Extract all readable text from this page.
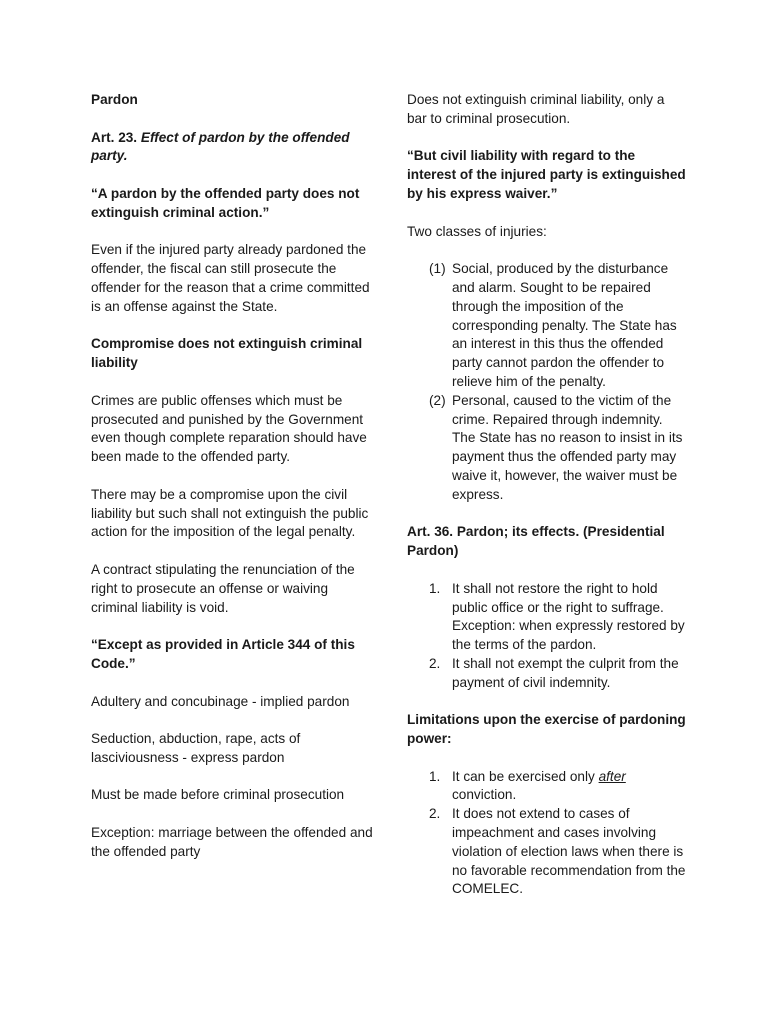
Pardon

Art. 23. Effect of pardon by the offended party.

“A pardon by the offended party does not extinguish criminal action.”

Even if the injured party already pardoned the offender, the fiscal can still prosecute the offender for the reason that a crime committed is an offense against the State.

Compromise does not extinguish criminal liability

Crimes are public offenses which must be prosecuted and punished by the Government even though complete reparation should have been made to the offended party.

There may be a compromise upon the civil liability but such shall not extinguish the public action for the imposition of the legal penalty.

A contract stipulating the renunciation of the right to prosecute an offense or waiving criminal liability is void.

“Except as provided in Article 344 of this Code.”

Adultery and concubinage - implied pardon

Seduction, abduction, rape, acts of lasciviousness - express pardon

Must be made before criminal prosecution

Exception: marriage between the offended and the offended party

Does not extinguish criminal liability, only a bar to criminal prosecution.

“But civil liability with regard to the interest of the injured party is extinguished by his express waiver.”

Two classes of injuries:

(1) Social, produced by the disturbance and alarm. Sought to be repaired through the imposition of the corresponding penalty. The State has an interest in this thus the offended party cannot pardon the offender to relieve him of the penalty.
(2) Personal, caused to the victim of the crime. Repaired through indemnity. The State has no reason to insist in its payment thus the offended party may waive it, however, the waiver must be express.

Art. 36. Pardon; its effects. (Presidential Pardon)

1. It shall not restore the right to hold public office or the right to suffrage. Exception: when expressly restored by the terms of the pardon.
2. It shall not exempt the culprit from the payment of civil indemnity.

Limitations upon the exercise of pardoning power:

1. It can be exercised only after conviction.
2. It does not extend to cases of impeachment and cases involving violation of election laws when there is no favorable recommendation from the COMELEC.
